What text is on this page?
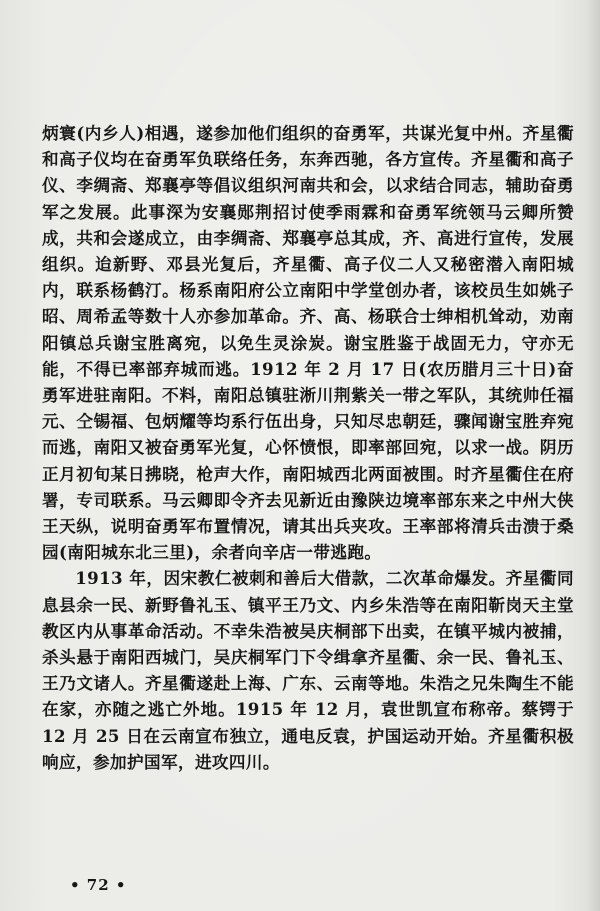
炳寰(内乡人)相遇，遂参加他们组织的奋勇军，共谋光复中州。齐星衢和高子仪均在奋勇军负联络任务，东奔西驰，各方宣传。齐星衢和高子仪、李绸斋、郑襄亭等倡议组织河南共和会，以求结合同志，辅助奋勇军之发展。此事深为安襄郧荆招讨使季雨霖和奋勇军统领马云卿所赞成，共和会遂成立，由李绸斋、郑襄亭总其成，齐、高进行宣传，发展组织。迨新野、邓县光复后，齐星衢、高子仪二人又秘密潜入南阳城内，联系杨鹤汀。杨系南阳府公立南阳中学堂创办者，该校员生如姚子昭、周希孟等数十人亦参加革命。齐、高、杨联合士绅相机耸动，劝南阳镇总兵谢宝胜离宛，以免生灵涂炭。谢宝胜鉴于战固无力，守亦无能，不得已率部弃城而逃。1912 年 2 月 17 日(农历腊月三十日)奋勇军进驻南阳。不料，南阳总镇驻淅川荆紫关一带之军队，其统帅任福元、仝锡福、包炳耀等均系行伍出身，只知尽忠朝廷，骤闻谢宝胜弃宛而逃，南阳又被奋勇军光复，心怀愤恨，即率部回宛，以求一战。阴历正月初旬某日拂晓，枪声大作，南阳城西北两面被围。时齐星衢住在府署，专司联系。马云卿即令齐去见新近由豫陕边境率部东来之中州大侠王天纵，说明奋勇军布置情况，请其出兵夹攻。王率部将清兵击溃于桑园(南阳城东北三里)，余者向辛店一带逃跑。

1913 年，因宋教仁被刺和善后大借款，二次革命爆发。齐星衢同息县余一民、新野鲁礼玉、镇平王乃文、内乡朱浩等在南阳靳岗天主堂教区内从事革命活动。不幸朱浩被吴庆桐部下出卖，在镇平城内被捕，杀头悬于南阳西城门，吴庆桐军门下令缉拿齐星衢、余一民、鲁礼玉、王乃文诸人。齐星衢遂赴上海、广东、云南等地。朱浩之兄朱陶生不能在家，亦随之逃亡外地。1915 年 12 月，袁世凯宣布称帝。蔡锷于 12 月 25 日在云南宣布独立，通电反袁，护国运动开始。齐星衢积极响应，参加护国军，进攻四川。

• 72 •
